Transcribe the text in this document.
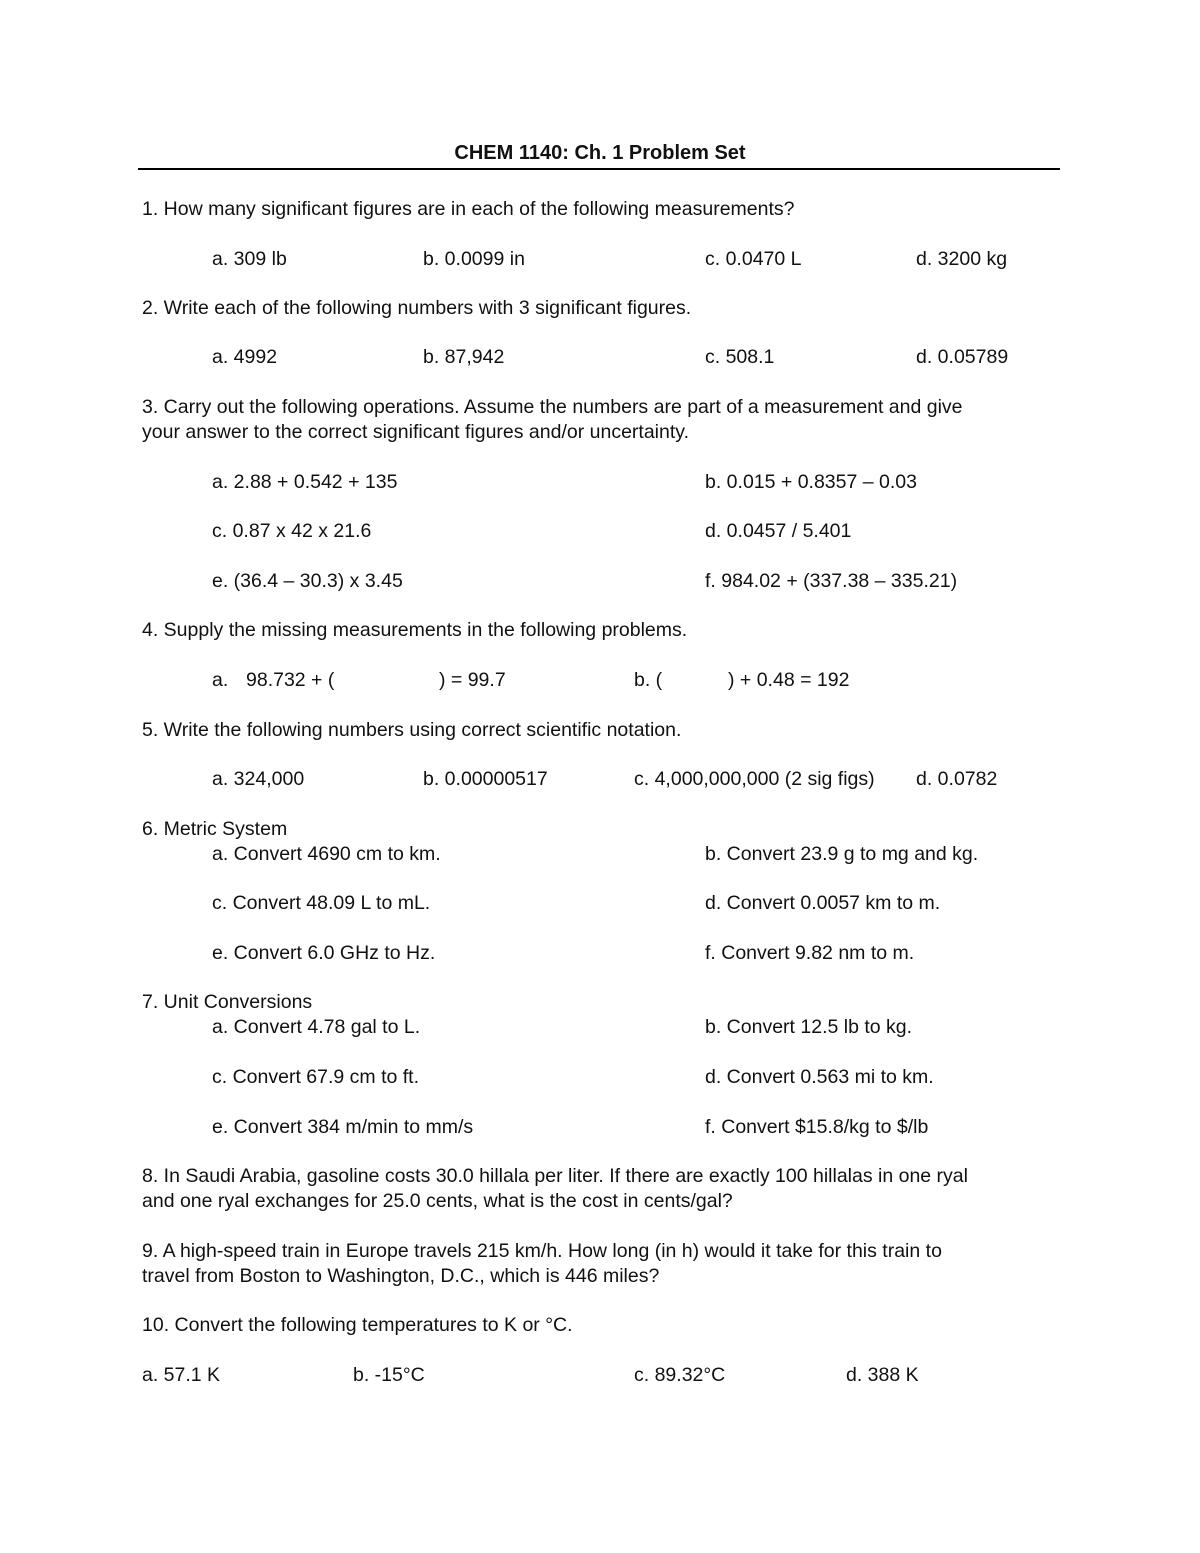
CHEM 1140: Ch. 1 Problem Set
1. How many significant figures are in each of the following measurements?
a. 309 lb	b. 0.0099 in	c. 0.0470 L	d. 3200 kg
2. Write each of the following numbers with 3 significant figures.
a. 4992	b. 87,942	c. 508.1	d. 0.05789
3. Carry out the following operations. Assume the numbers are part of a measurement and give
your answer to the correct significant figures and/or uncertainty.
a. 2.88 + 0.542 + 135	b. 0.015 + 0.8357 – 0.03
c. 0.87 x 42 x 21.6	d. 0.0457 / 5.401
e. (36.4 – 30.3) x 3.45	f. 984.02 + (337.38 – 335.21)
4. Supply the missing measurements in the following problems.
a. 98.732 + (	) = 99.7	b. (	) + 0.48 = 192
5. Write the following numbers using correct scientific notation.
a. 324,000	b. 0.00000517	c. 4,000,000,000 (2 sig figs) d. 0.0782
6. Metric System
a. Convert 4690 cm to km.	b. Convert 23.9 g to mg and kg.
c. Convert 48.09 L to mL.	d. Convert 0.0057 km to m.
e. Convert 6.0 GHz to Hz.	f. Convert 9.82 nm to m.
7. Unit Conversions
a. Convert 4.78 gal to L.	b. Convert 12.5 lb to kg.
c. Convert 67.9 cm to ft.	d. Convert 0.563 mi to km.
e. Convert 384 m/min to mm/s	f. Convert $15.8/kg to $/lb
8. In Saudi Arabia, gasoline costs 30.0 hillala per liter. If there are exactly 100 hillalas in one ryal
and one ryal exchanges for 25.0 cents, what is the cost in cents/gal?
9. A high-speed train in Europe travels 215 km/h. How long (in h) would it take for this train to
travel from Boston to Washington, D.C., which is 446 miles?
10. Convert the following temperatures to K or °C.
a. 57.1 K	b. -15°C	c. 89.32°C	d. 388 K
